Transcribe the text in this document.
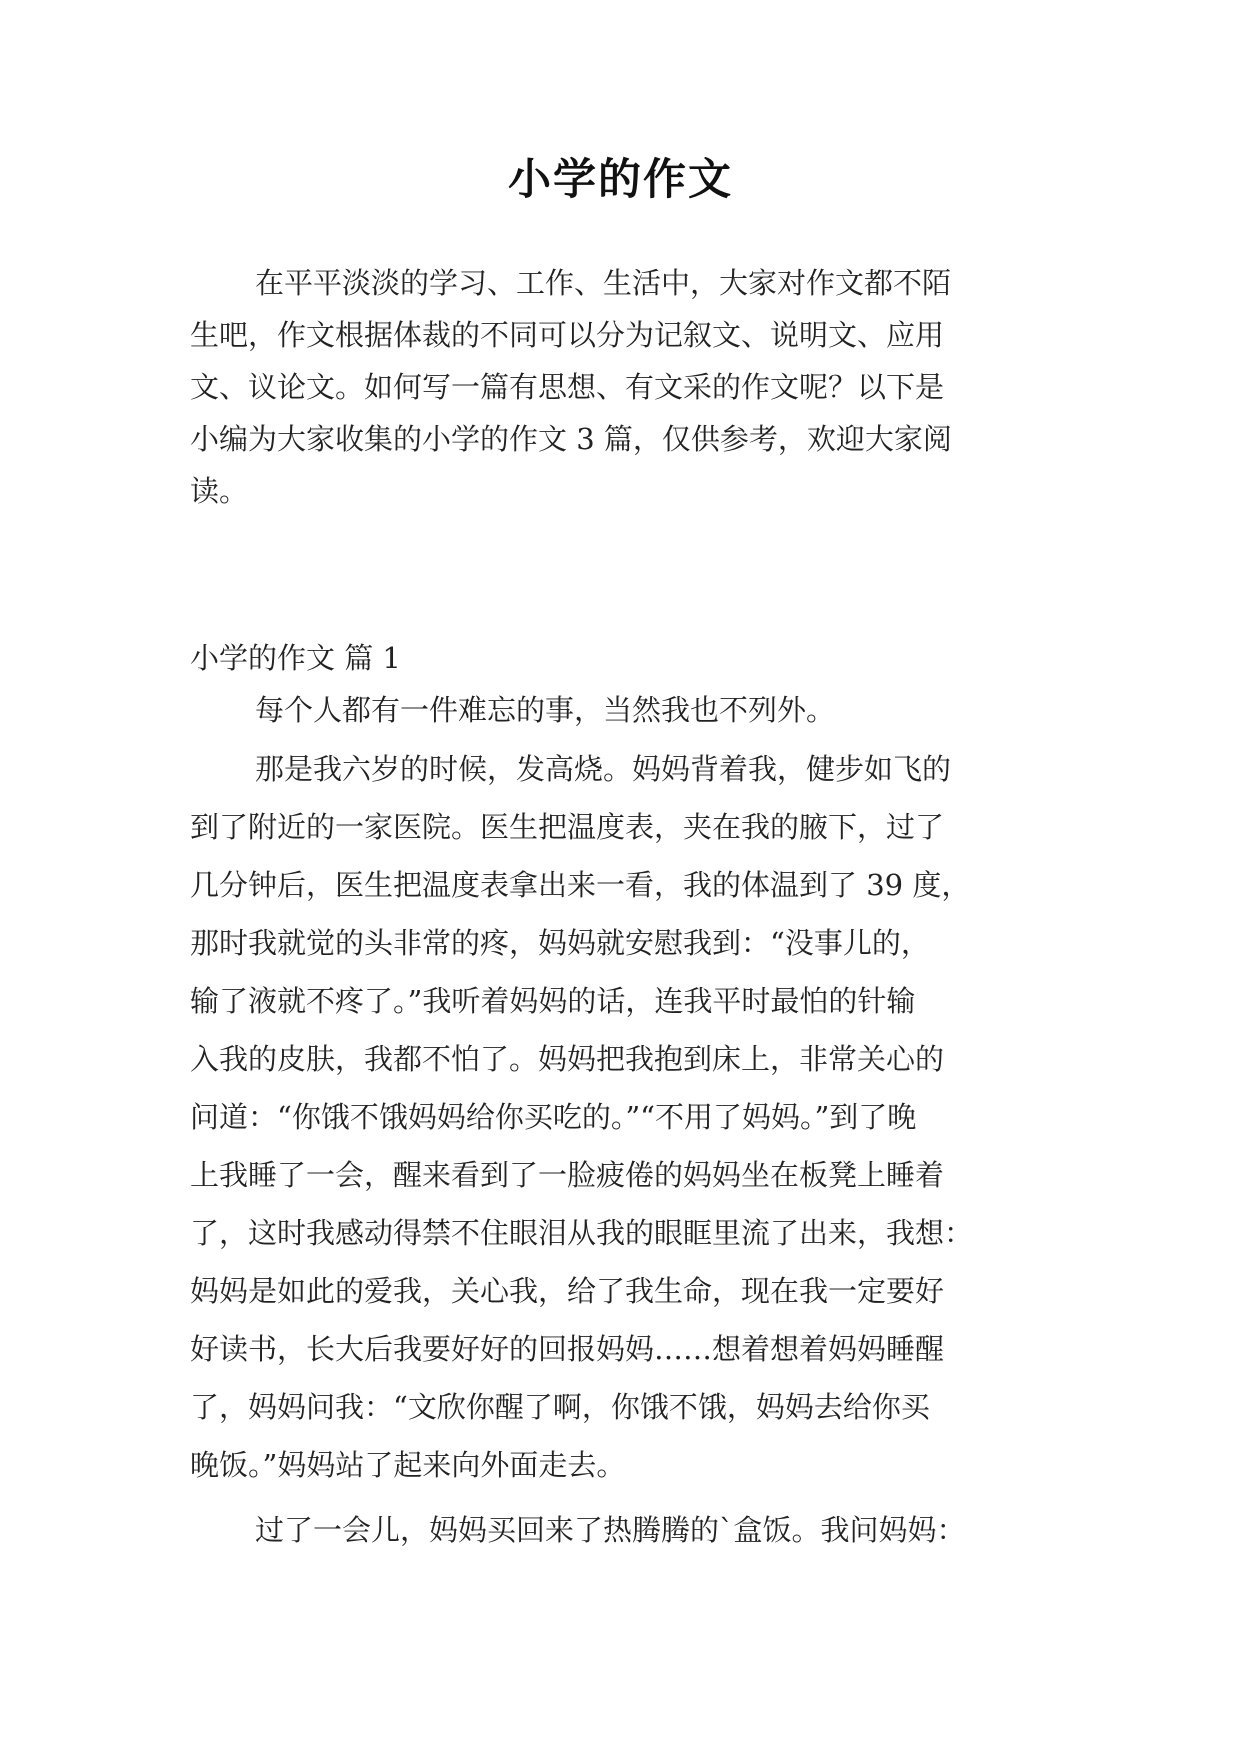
小学的作文
在平平淡淡的学习、工作、生活中，大家对作文都不陌
生吧，作文根据体裁的不同可以分为记叙文、说明文、应用
文、议论文。如何写一篇有思想、有文采的作文呢？以下是
小编为大家收集的小学的作文 3 篇，仅供参考，欢迎大家阅
读。
小学的作文 篇 1
每个人都有一件难忘的事，当然我也不列外。
那是我六岁的时候，发高烧。妈妈背着我，健步如飞的
到了附近的一家医院。医生把温度表，夹在我的腋下，过了
几分钟后，医生把温度表拿出来一看，我的体温到了 39 度，
那时我就觉的头非常的疼，妈妈就安慰我到：“没事儿的，
输了液就不疼了。”我听着妈妈的话，连我平时最怕的针输
入我的皮肤，我都不怕了。妈妈把我抱到床上，非常关心的
问道：“你饿不饿妈妈给你买吃的。”“不用了妈妈。”到了晚
上我睡了一会，醒来看到了一脸疲倦的妈妈坐在板凳上睡着
了，这时我感动得禁不住眼泪从我的眼眶里流了出来，我想：
妈妈是如此的爱我，关心我，给了我生命，现在我一定要好
好读书，长大后我要好好的回报妈妈……想着想着妈妈睡醒
了，妈妈问我：“文欣你醒了啊，你饿不饿，妈妈去给你买
晚饭。”妈妈站了起来向外面走去。
过了一会儿，妈妈买回来了热腾腾的`盒饭。我问妈妈：
